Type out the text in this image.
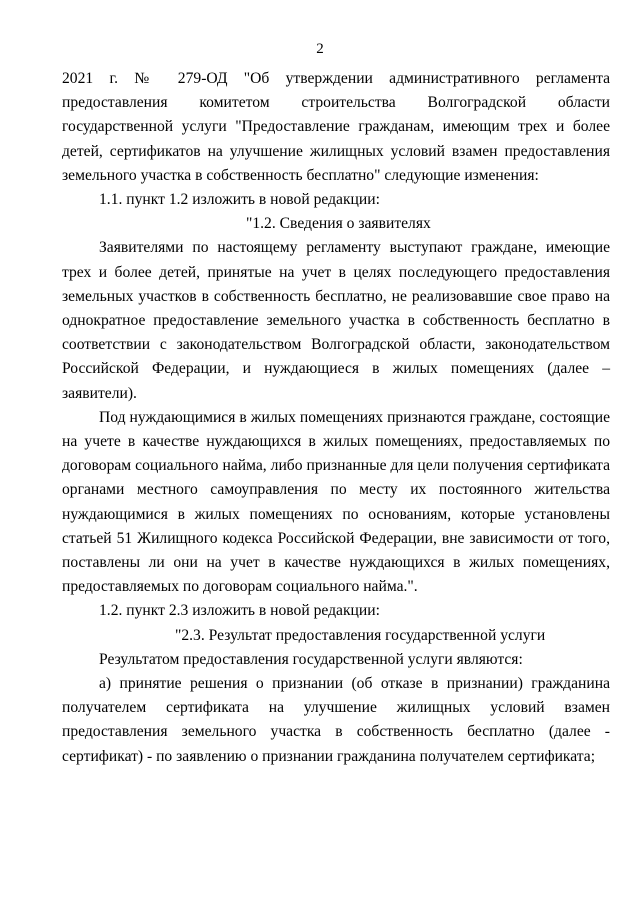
2

2021 г. № 279-ОД "Об утверждении административного регламента предоставления комитетом строительства Волгоградской области государственной услуги "Предоставление гражданам, имеющим трех и более детей, сертификатов на улучшение жилищных условий взамен предоставления земельного участка в собственность бесплатно" следующие изменения:

1.1. пункт 1.2 изложить в новой редакции:

"1.2. Сведения о заявителях

Заявителями по настоящему регламенту выступают граждане, имеющие трех и более детей, принятые на учет в целях последующего предоставления земельных участков в собственность бесплатно, не реализовавшие свое право на однократное предоставление земельного участка в собственность бесплатно в соответствии с законодательством Волгоградской области, законодательством Российской Федерации, и нуждающиеся в жилых помещениях (далее – заявители).

Под нуждающимися в жилых помещениях признаются граждане, состоящие на учете в качестве нуждающихся в жилых помещениях, предоставляемых по договорам социального найма, либо признанные для цели получения сертификата органами местного самоуправления по месту их постоянного жительства нуждающимися в жилых помещениях по основаниям, которые установлены статьей 51 Жилищного кодекса Российской Федерации, вне зависимости от того, поставлены ли они на учет в качестве нуждающихся в жилых помещениях, предоставляемых по договорам социального найма.".

1.2. пункт 2.3 изложить в новой редакции:

"2.3. Результат предоставления государственной услуги

Результатом предоставления государственной услуги являются:

а) принятие решения о признании (об отказе в признании) гражданина получателем сертификата на улучшение жилищных условий взамен предоставления земельного участка в собственность бесплатно (далее - сертификат) - по заявлению о признании гражданина получателем сертификата;
